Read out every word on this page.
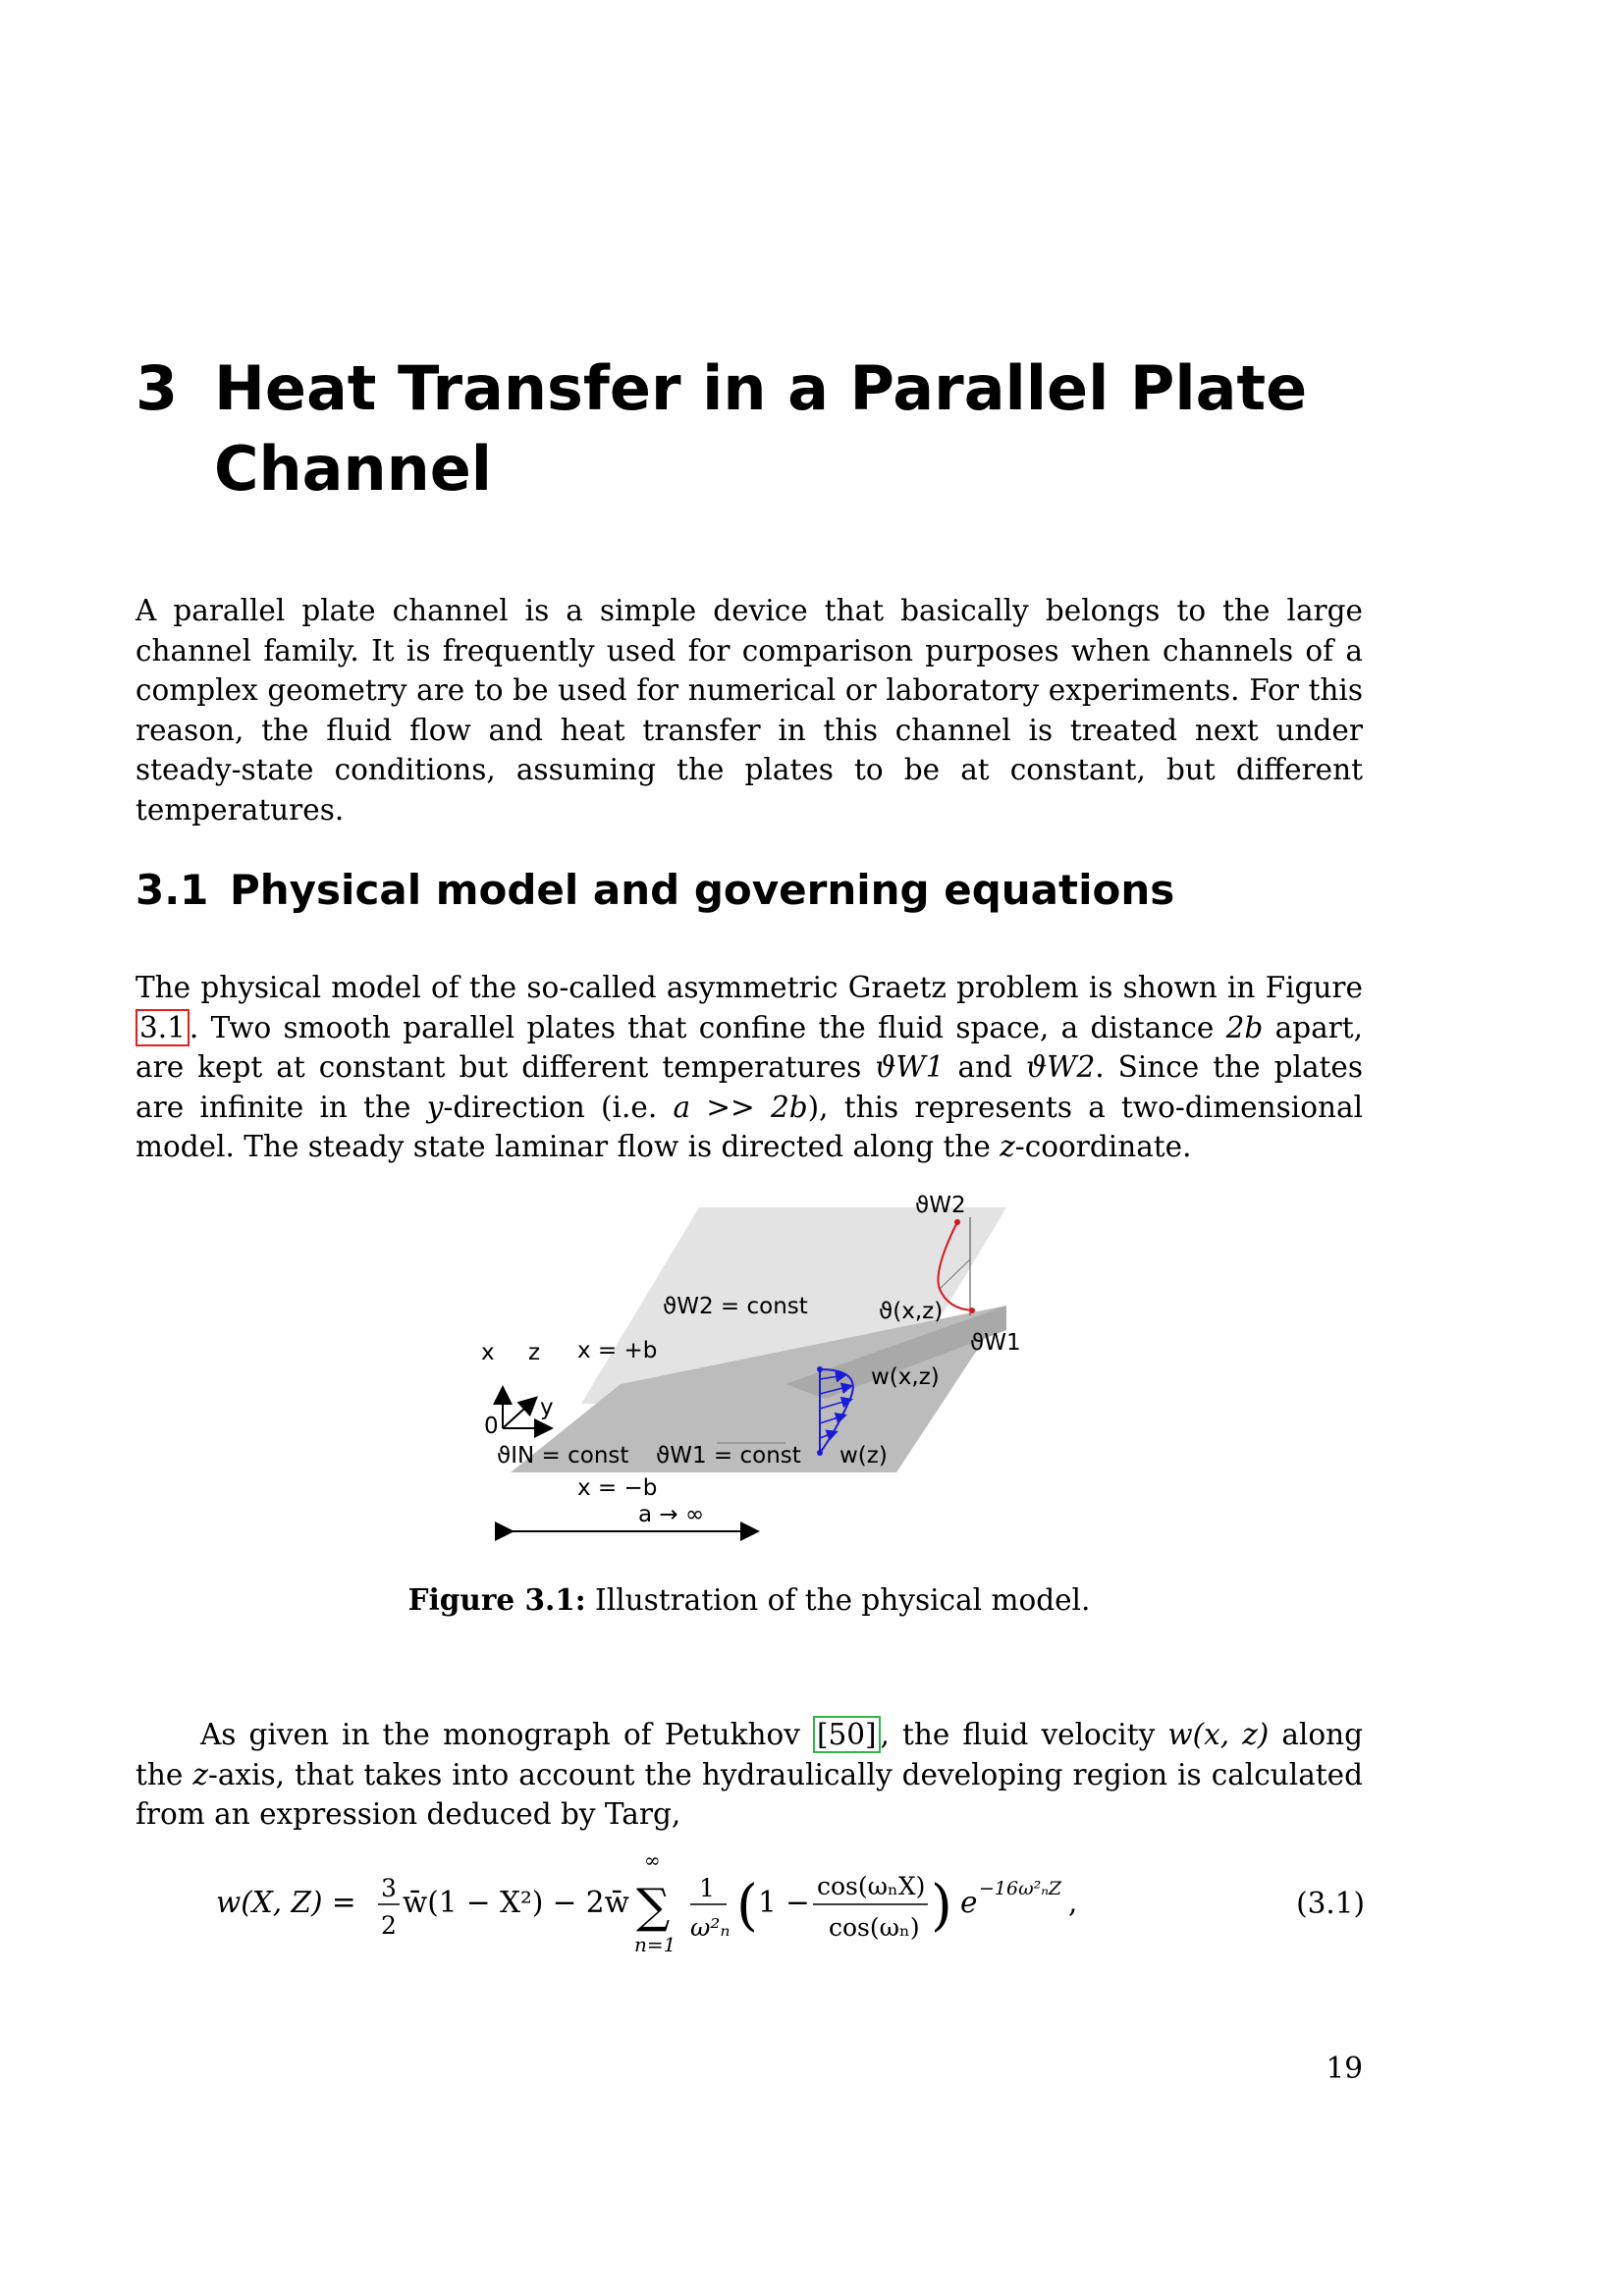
3 Heat Transfer in a Parallel Plate Channel

A parallel plate channel is a simple device that basically belongs to the large channel family. It is frequently used for comparison purposes when channels of a complex geometry are to be used for numerical or laboratory experiments. For this reason, the fluid flow and heat transfer in this channel is treated next under steady-state conditions, assuming the plates to be at constant, but different temperatures.

3.1 Physical model and governing equations

The physical model of the so-called asymmetric Graetz problem is shown in Figure 3.1 . Two smooth parallel plates that confine the fluid space, a distance 2b apart, are kept at constant but different temperatures ϑW1 and ϑW2. Since the plates are infinite in the y-direction (i.e. a >> 2b), this represents a two-dimensional model. The steady state laminar flow is directed along the z-coordinate.

ϑW2
ϑW2 = const	ϑ(x,z)
ϑW1
x z x = +b
w(x,z)
y
0
ϑIN = const ϑW1 = const w(z)
x = −b
a → ∞
Figure 3.1: Illustration of the physical model.

As given in the monograph of Petukhov [50] , the fluid velocity w(x, z) along the z-axis, that takes into account the hydraulically developing region is calculated from an expression deduced by Targ,

w(X, Z) = 3
2
w̄(1 − X²) − 2w̄
∞
∑
n=1
1
ω²ₙ ( 1 − cos(ωₙX)
cos(ωₙ) ) e −16ω²ₙZ ,	(3.1)
19
